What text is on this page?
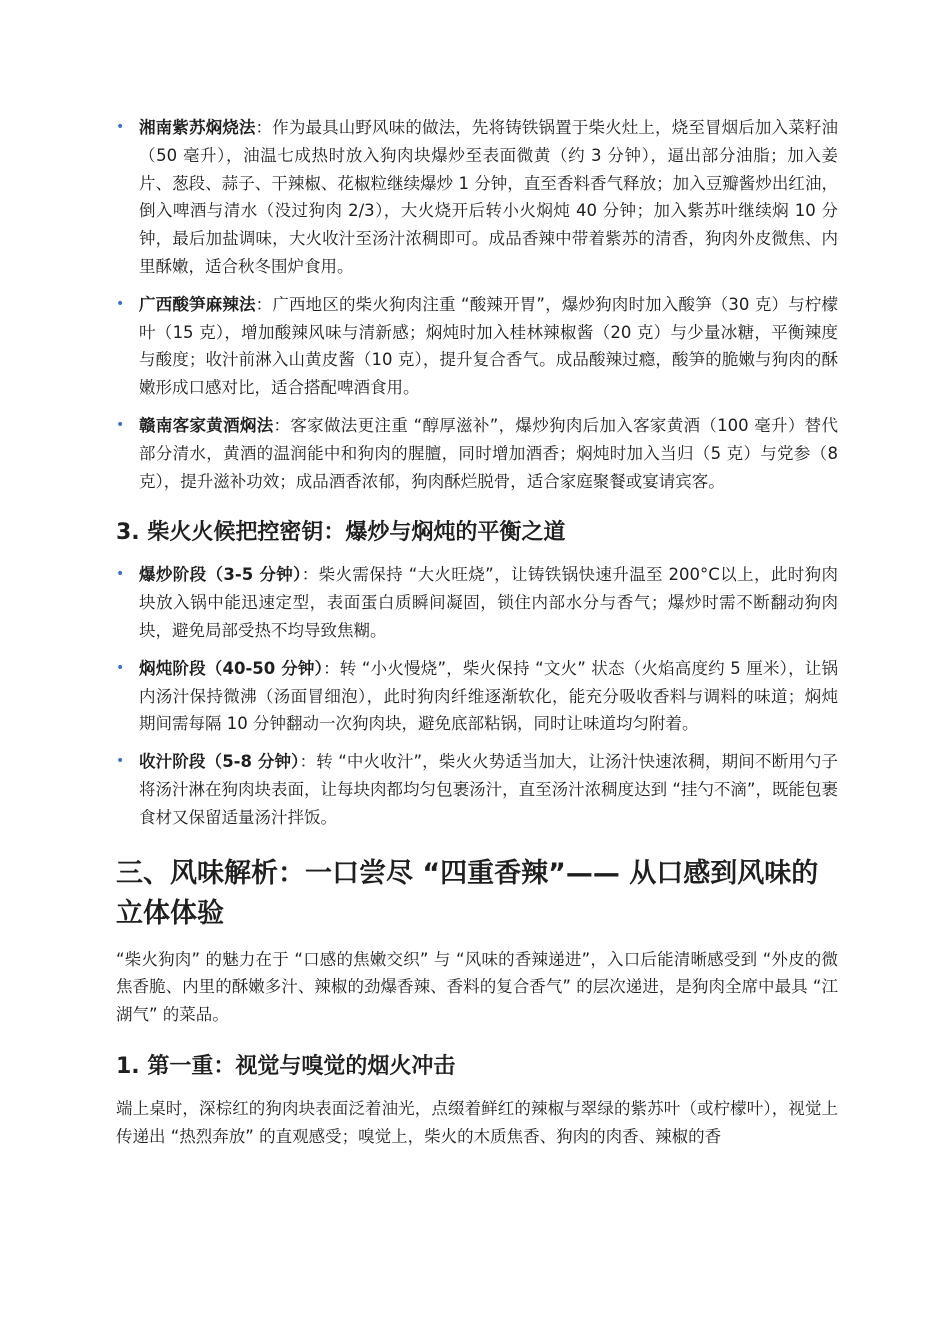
• 湘南紫苏焖烧法：作为最具山野风味的做法，先将铸铁锅置于柴火灶上，烧至冒烟后加入菜籽油（50 毫升），油温七成热时放入狗肉块爆炒至表面微黄（约 3 分钟），逼出部分油脂；加入姜片、葱段、蒜子、干辣椒、花椒粒继续爆炒 1 分钟，直至香料香气释放；加入豆瓣酱炒出红油，倒入啤酒与清水（没过狗肉 2/3），大火烧开后转小火焖炖 40 分钟；加入紫苏叶继续焖 10 分钟，最后加盐调味，大火收汁至汤汁浓稠即可。成品香辣中带着紫苏的清香，狗肉外皮微焦、内里酥嫩，适合秋冬围炉食用。
• 广西酸笋麻辣法：广西地区的柴火狗肉注重 “酸辣开胃”，爆炒狗肉时加入酸笋（30 克）与柠檬叶（15 克），增加酸辣风味与清新感；焖炖时加入桂林辣椒酱（20 克）与少量冰糖，平衡辣度与酸度；收汁前淋入山黄皮酱（10 克），提升复合香气。成品酸辣过瘾，酸笋的脆嫩与狗肉的酥嫩形成口感对比，适合搭配啤酒食用。
• 赣南客家黄酒焖法：客家做法更注重 “醇厚滋补”，爆炒狗肉后加入客家黄酒（100 毫升）替代部分清水，黄酒的温润能中和狗肉的腥膻，同时增加酒香；焖炖时加入当归（5 克）与党参（8 克），提升滋补功效；成品酒香浓郁，狗肉酥烂脱骨，适合家庭聚餐或宴请宾客。
3. 柴火火候把控密钥：爆炒与焖炖的平衡之道
• 爆炒阶段（3-5 分钟）：柴火需保持 “大火旺烧”，让铸铁锅快速升温至 200°C以上，此时狗肉块放入锅中能迅速定型，表面蛋白质瞬间凝固，锁住内部水分与香气；爆炒时需不断翻动狗肉块，避免局部受热不均导致焦糊。
• 焖炖阶段（40-50 分钟）：转 “小火慢烧”，柴火保持 “文火” 状态（火焰高度约 5 厘米），让锅内汤汁保持微沸（汤面冒细泡），此时狗肉纤维逐渐软化，能充分吸收香料与调料的味道；焖炖期间需每隔 10 分钟翻动一次狗肉块，避免底部粘锅，同时让味道均匀附着。
• 收汁阶段（5-8 分钟）：转 “中火收汁”，柴火火势适当加大，让汤汁快速浓稠，期间不断用勺子将汤汁淋在狗肉块表面，让每块肉都均匀包裹汤汁，直至汤汁浓稠度达到 “挂勺不滴”，既能包裹食材又保留适量汤汁拌饭。
三、风味解析：一口尝尽 “四重香辣”—— 从口感到风味的立体体验

“柴火狗肉” 的魅力在于 “口感的焦嫩交织” 与 “风味的香辣递进”，入口后能清晰感受到 “外皮的微焦香脆、内里的酥嫩多汁、辣椒的劲爆香辣、香料的复合香气” 的层次递进，是狗肉全席中最具 “江湖气” 的菜品。

1. 第一重：视觉与嗅觉的烟火冲击

端上桌时，深棕红的狗肉块表面泛着油光，点缀着鲜红的辣椒与翠绿的紫苏叶（或柠檬叶），视觉上传递出 “热烈奔放” 的直观感受；嗅觉上，柴火的木质焦香、狗肉的肉香、辣椒的香
